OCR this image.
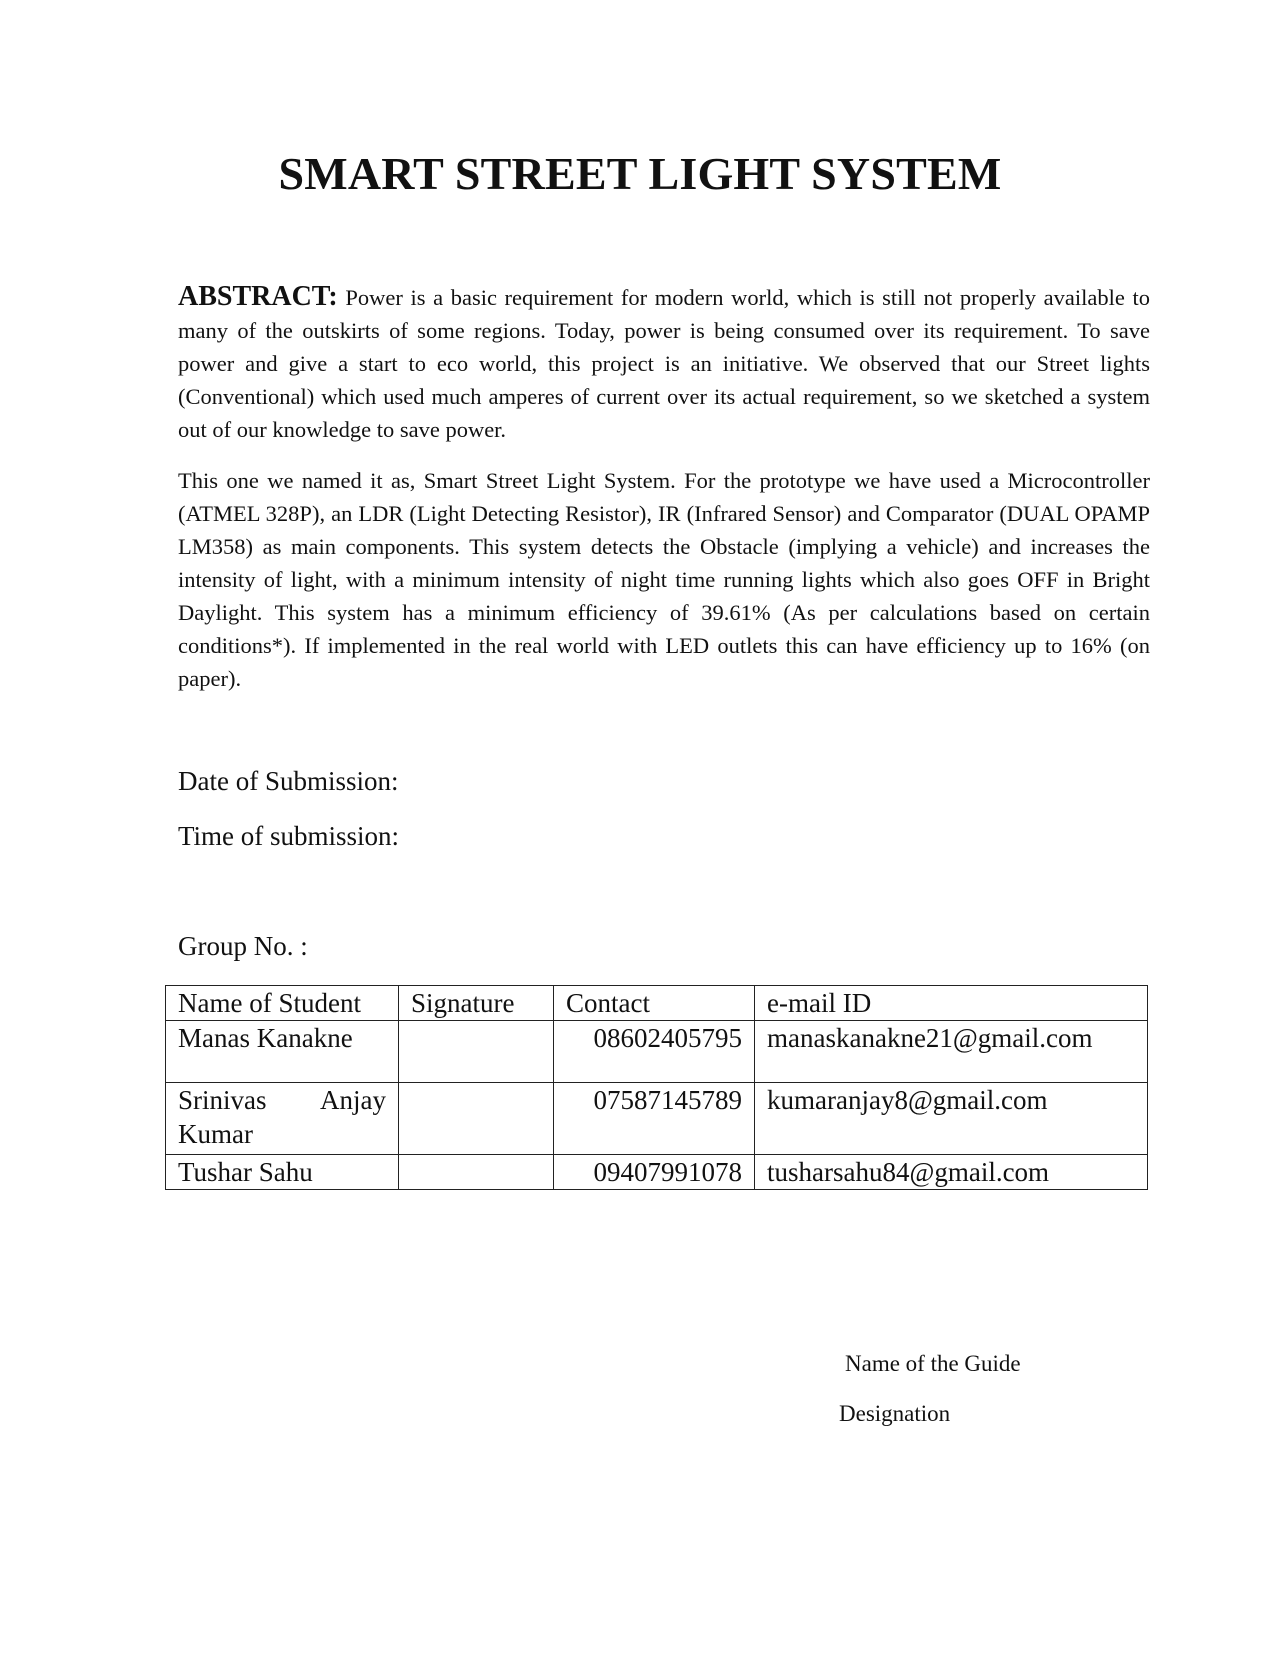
SMART STREET LIGHT SYSTEM

ABSTRACT: Power is a basic requirement for modern world, which is still not properly available to many of the outskirts of some regions. Today, power is being consumed over its requirement. To save power and give a start to eco world, this project is an initiative. We observed that our Street lights (Conventional) which used much amperes of current over its actual requirement, so we sketched a system out of our knowledge to save power.

This one we named it as, Smart Street Light System. For the prototype we have used a Microcontroller (ATMEL 328P), an LDR (Light Detecting Resistor), IR (Infrared Sensor) and Comparator (DUAL OPAMP LM358) as main components. This system detects the Obstacle (implying a vehicle) and increases the intensity of light, with a minimum intensity of night time running lights which also goes OFF in Bright Daylight. This system has a minimum efficiency of 39.61% (As per calculations based on certain conditions*). If implemented in the real world with LED outlets this can have efficiency up to 16% (on paper).

Date of Submission:

Time of submission:

Group No. :

Name of Student	Signature	Contact	e-mail ID
Manas Kanakne		08602405795	manaskanakne21@gmail.com

Srinivas Anjay
Kumar		07587145789	kumaranjay8@gmail.com
Tushar Sahu		09407991078	tusharsahu84@gmail.com

Name of the Guide

Designation
